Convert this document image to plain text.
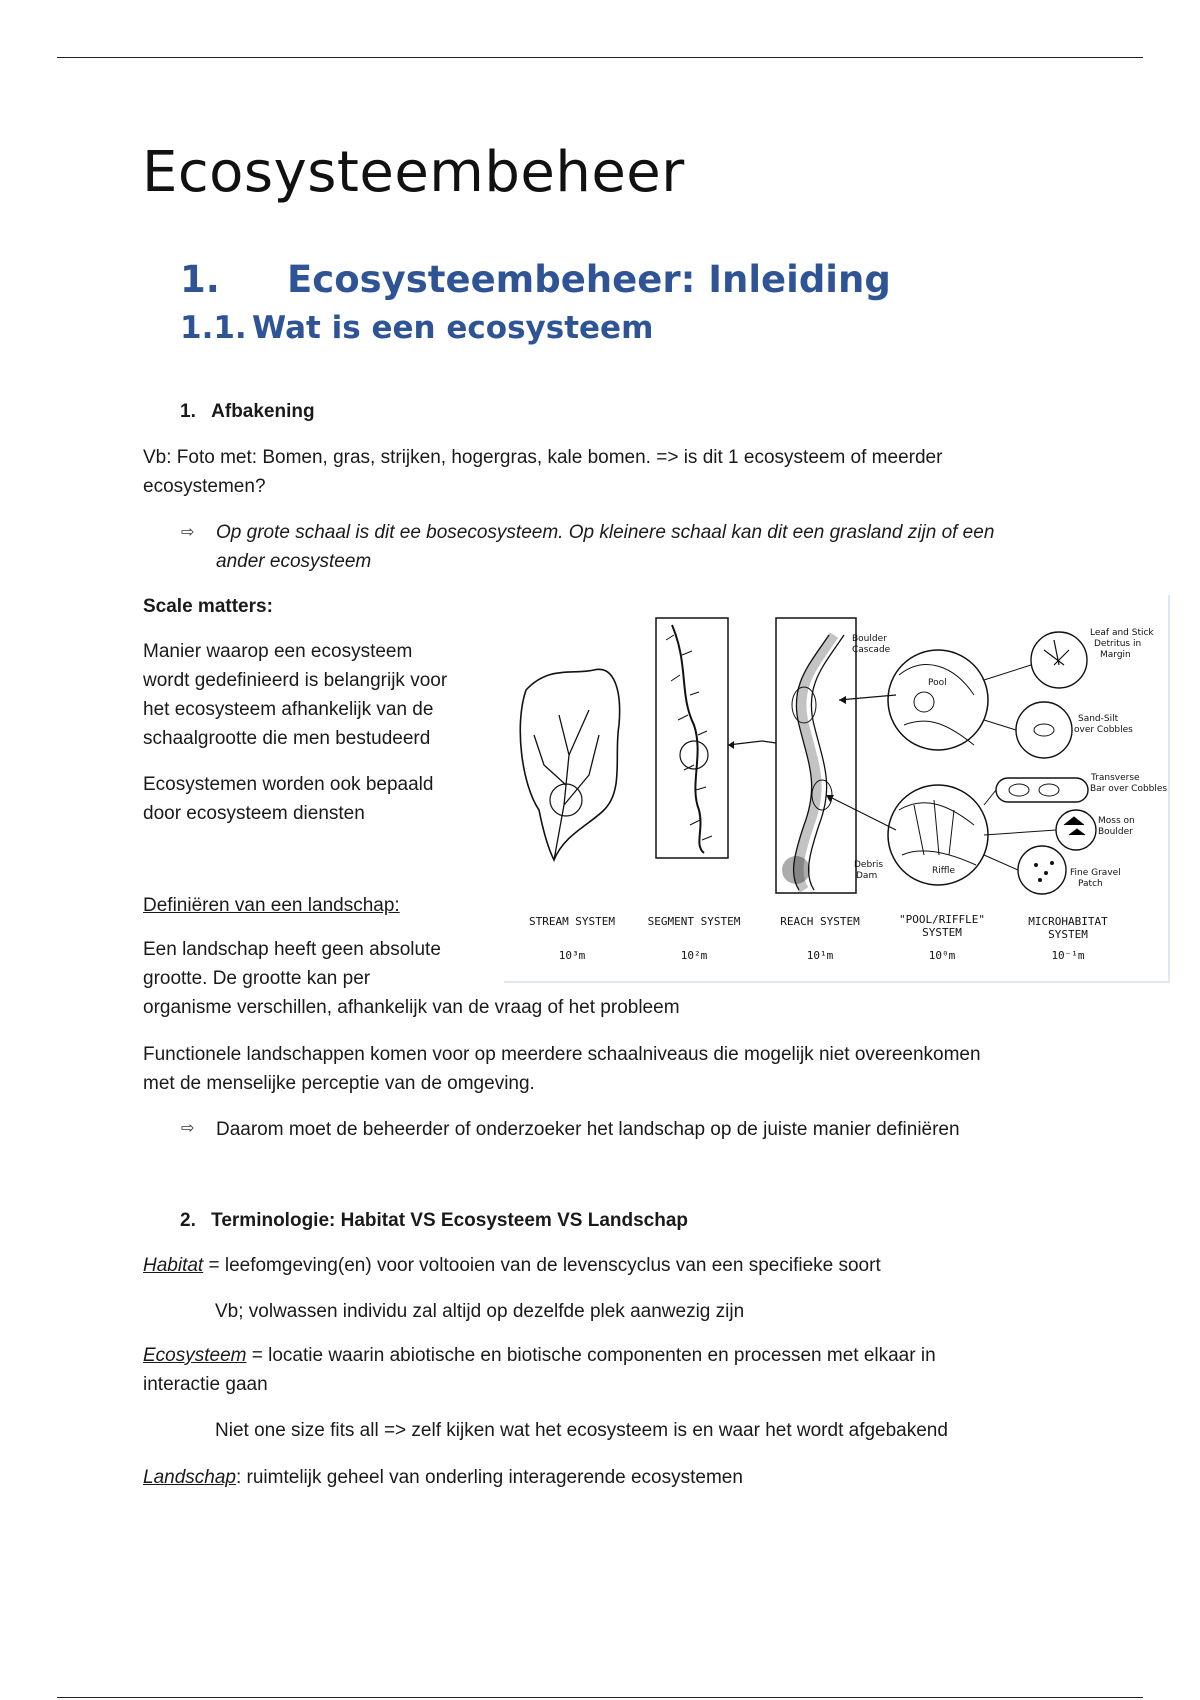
Ecosysteembeheer
1. Ecosysteembeheer: Inleiding
1.1. Wat is een ecosysteem
1. Afbakening
Vb: Foto met: Bomen, gras, strijken, hogergras, kale bomen. => is dit 1 ecosysteem of meerder
ecosystemen?
⇨ Op grote schaal is dit ee bosecosysteem. Op kleinere schaal kan dit een grasland zijn of een
ander ecosysteem
Scale matters:
Manier waarop een ecosysteem
wordt gedefinieerd is belangrijk voor
het ecosysteem afhankelijk van de
schaalgrootte die men bestudeerd
Ecosystemen worden ook bepaald
door ecosysteem diensten
Definiëren van een landschap:
Een landschap heeft geen absolute
grootte. De grootte kan per
organisme verschillen, afhankelijk van de vraag of het probleem
Functionele landschappen komen voor op meerdere schaalniveaus die mogelijk niet overeenkomen
met de menselijke perceptie van de omgeving.
⇨ Daarom moet de beheerder of onderzoeker het landschap op de juiste manier definiëren
Boulder
Cascade
Debris
Dam
Pool
Riffle
Leaf and Stick
Detritus in
Margin
Sand-Silt
over Cobbles
Transverse
Bar over Cobbles
Moss on
Boulder
Fine Gravel
Patch
STREAM SYSTEM
10³m
SEGMENT SYSTEM
10²m
REACH SYSTEM
10¹m
"POOL/RIFFLE"
SYSTEM
10⁰m
MICROHABITAT
SYSTEM
10⁻¹m
2. Terminologie: Habitat VS Ecosysteem VS Landschap
Habitat = leefomgeving(en) voor voltooien van de levenscyclus van een specifieke soort
Vb; volwassen individu zal altijd op dezelfde plek aanwezig zijn
Ecosysteem = locatie waarin abiotische en biotische componenten en processen met elkaar in
interactie gaan
Niet one size fits all => zelf kijken wat het ecosysteem is en waar het wordt afgebakend
Landschap: ruimtelijk geheel van onderling interagerende ecosystemen
